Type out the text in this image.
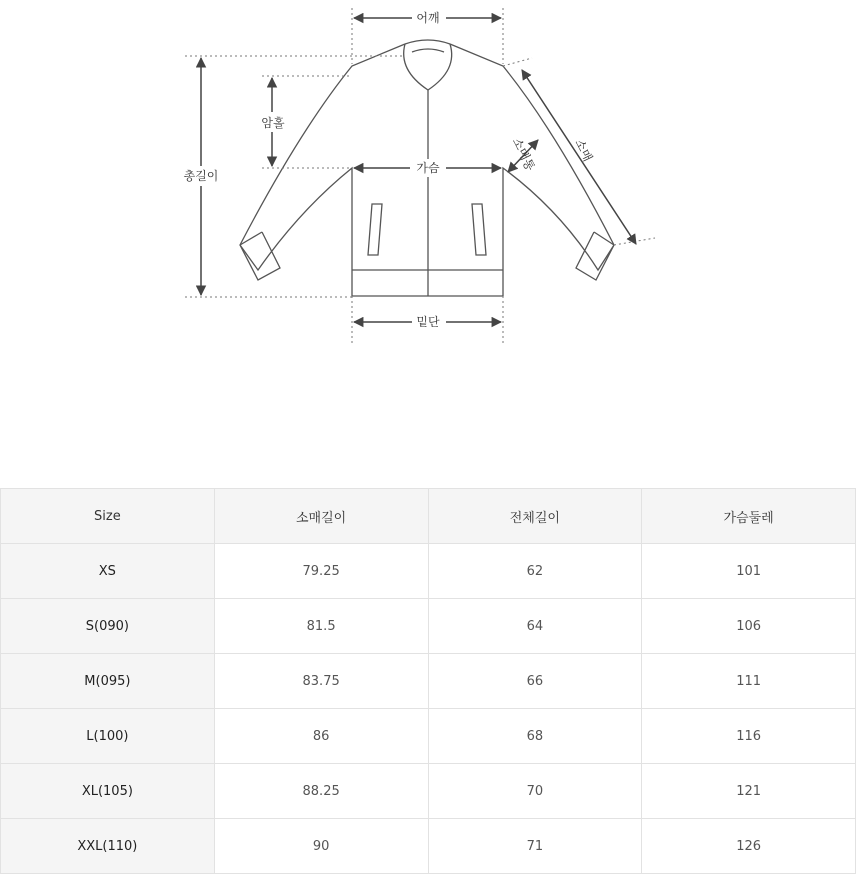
어깨
암홀
총길이
가슴
밑단
소매통	소매
Size	소매길이	전체길이	가슴둘레
XS	79.25	62	101
S(090)	81.5	64	106
M(095)	83.75	66	111
L(100)	86	68	116
XL(105)	88.25	70	121
XXL(110)	90	71	126
